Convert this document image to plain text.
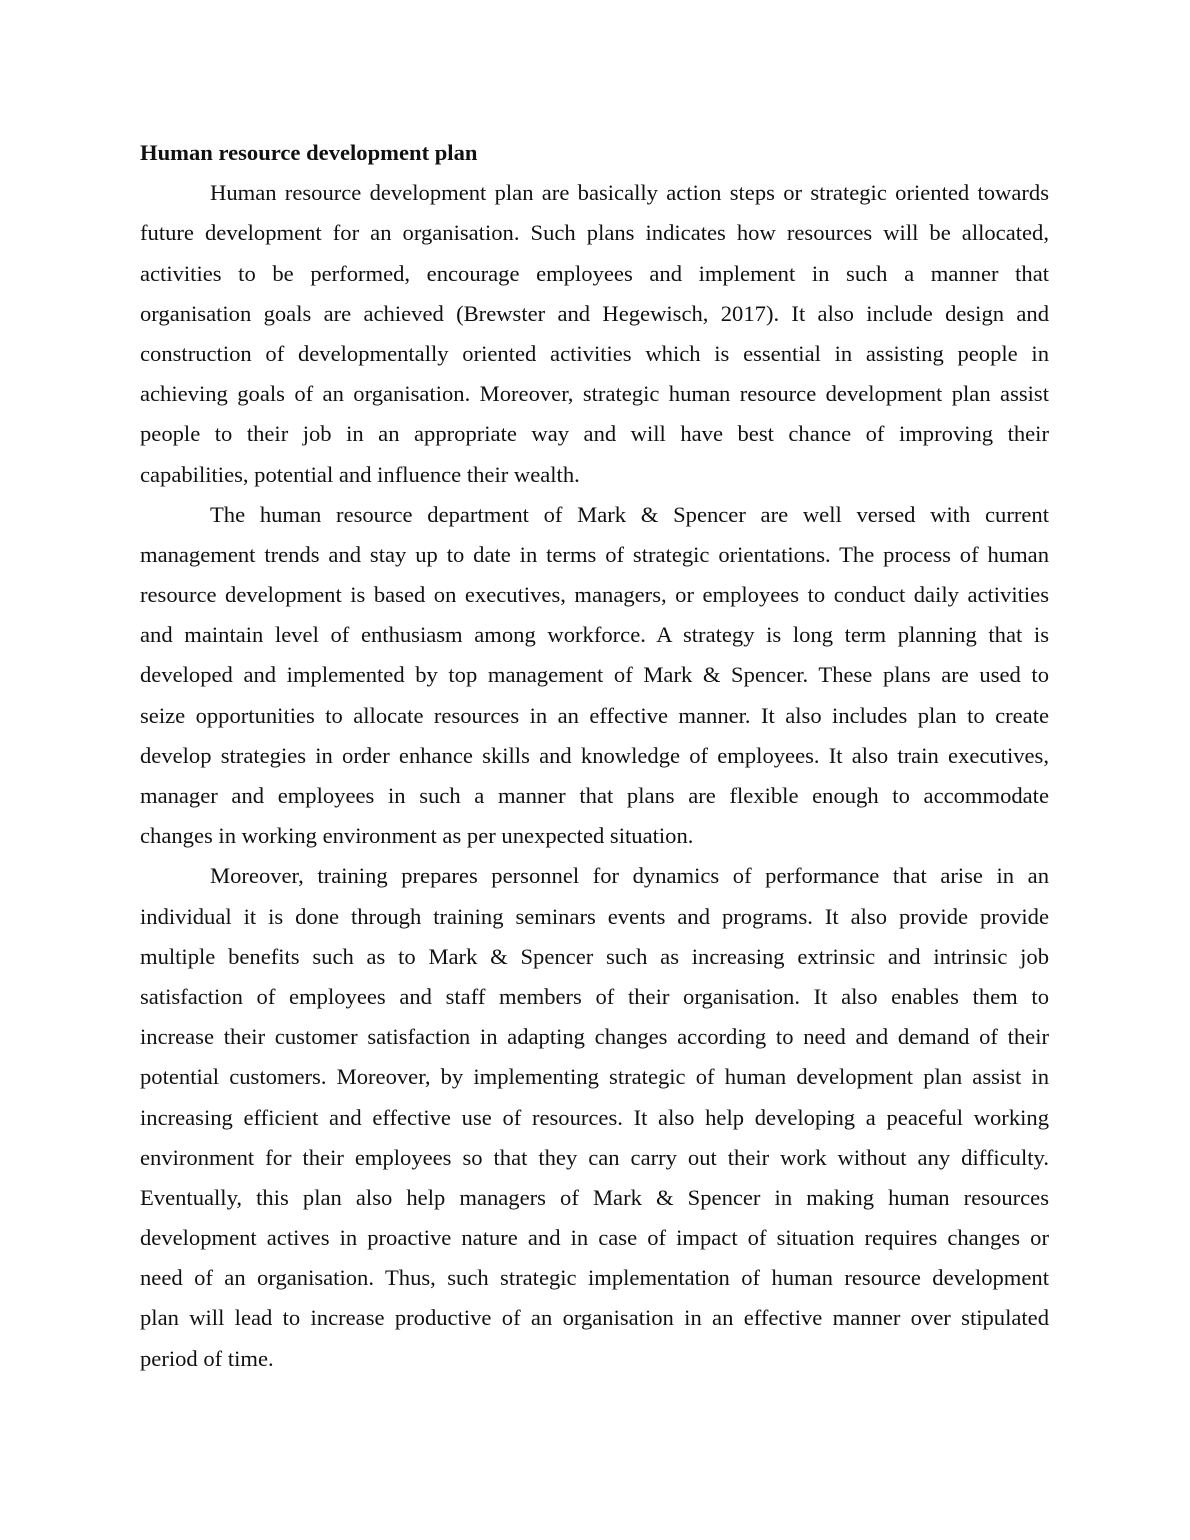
Human resource development plan
Human resource development plan are basically action steps or strategic oriented towards
future development for an organisation. Such plans indicates how resources will be allocated,
activities to be performed, encourage employees and implement in such a manner that
organisation goals are achieved (Brewster and Hegewisch, 2017). It also include design and
construction of developmentally oriented activities which is essential in assisting people in
achieving goals of an organisation. Moreover, strategic human resource development plan assist
people to their job in an appropriate way and will have best chance of improving their
capabilities, potential and influence their wealth.
The human resource department of Mark & Spencer are well versed with current
management trends and stay up to date in terms of strategic orientations. The process of human
resource development is based on executives, managers, or employees to conduct daily activities
and maintain level of enthusiasm among workforce. A strategy is long term planning that is
developed and implemented by top management of Mark & Spencer. These plans are used to
seize opportunities to allocate resources in an effective manner. It also includes plan to create
develop strategies in order enhance skills and knowledge of employees. It also train executives,
manager and employees in such a manner that plans are flexible enough to accommodate
changes in working environment as per unexpected situation.
Moreover, training prepares personnel for dynamics of performance that arise in an
individual it is done through training seminars events and programs. It also provide provide
multiple benefits such as to Mark & Spencer such as increasing extrinsic and intrinsic job
satisfaction of employees and staff members of their organisation. It also enables them to
increase their customer satisfaction in adapting changes according to need and demand of their
potential customers. Moreover, by implementing strategic of human development plan assist in
increasing efficient and effective use of resources. It also help developing a peaceful working
environment for their employees so that they can carry out their work without any difficulty.
Eventually, this plan also help managers of Mark & Spencer in making human resources
development actives in proactive nature and in case of impact of situation requires changes or
need of an organisation. Thus, such strategic implementation of human resource development
plan will lead to increase productive of an organisation in an effective manner over stipulated
period of time.
